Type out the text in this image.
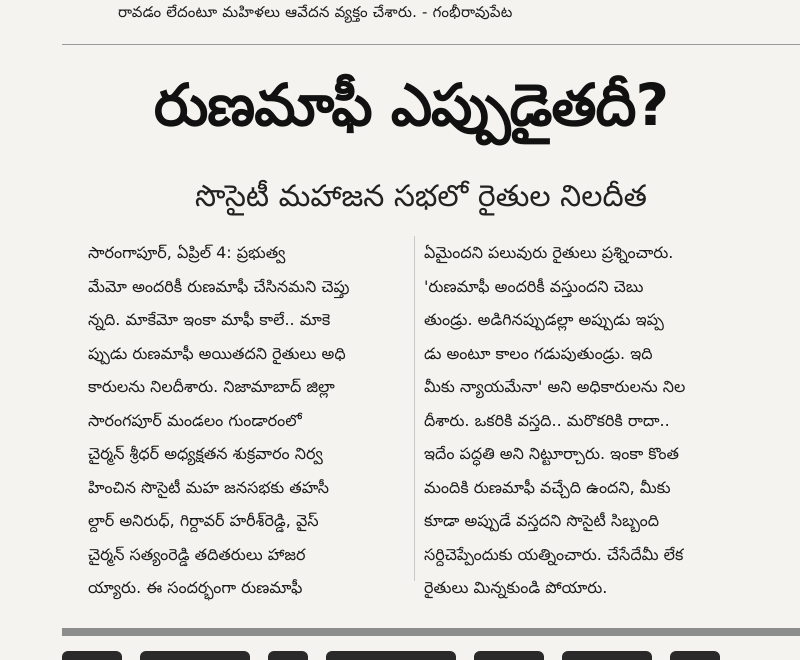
రావడం లేదంటూ మహిళలు ఆవేదన వ్యక్తం చేశారు. - గంభీరావుపేట
రుణమాఫీ ఎప్పుడైతదీ?
సొసైటీ మహాజన సభలో రైతుల నిలదీత

సారంగాపూర్, ఏప్రిల్ 4: ప్రభుత్వ

మేమో అందరికీ రుణమాఫీ చేసినమని చెప్తు

న్నది. మాకేమో ఇంకా మాఫీ కాలే.. మాకె

ప్పుడు రుణమాఫీ అయితదని రైతులు అధి

కారులను నిలదీశారు. నిజామాబాద్ జిల్లా

సారంగపూర్ మండలం గుండారంలో

చైర్మన్ శ్రీధర్ అధ్యక్షతన శుక్రవారం నిర్వ

హించిన సొసైటీ మహ జనసభకు తహసీ

ల్దార్ అనిరుధ్, గిర్దావర్ హరీశ్‌రెడ్డి, వైస్

చైర్మన్ సత్యంరెడ్డి తదితరులు హాజర

య్యారు. ఈ సందర్భంగా రుణమాఫీ

ఏమైందని పలువురు రైతులు ప్రశ్నించారు.

'రుణమాఫీ అందరికీ వస్తుందని చెబు

తుండ్రు. అడిగినప్పుడల్లా అప్పుడు ఇప్ప

డు అంటూ కాలం గడుపుతుండ్రు. ఇది

మీకు న్యాయమేనా' అని అధికారులను నిల

దీశారు. ఒకరికి వస్తది.. మరొకరికి రాదా..

ఇదేం పద్ధతి అని నిట్టూర్చారు. ఇంకా కొంత

మందికి రుణమాఫీ వచ్చేది ఉందని, మీకు

కూడా అప్పుడే వస్తదని సొసైటీ సిబ్బంది

సర్దిచెప్పేందుకు యత్నించారు. చేసేదేమీ లేక

రైతులు మిన్నకుండి పోయారు.
